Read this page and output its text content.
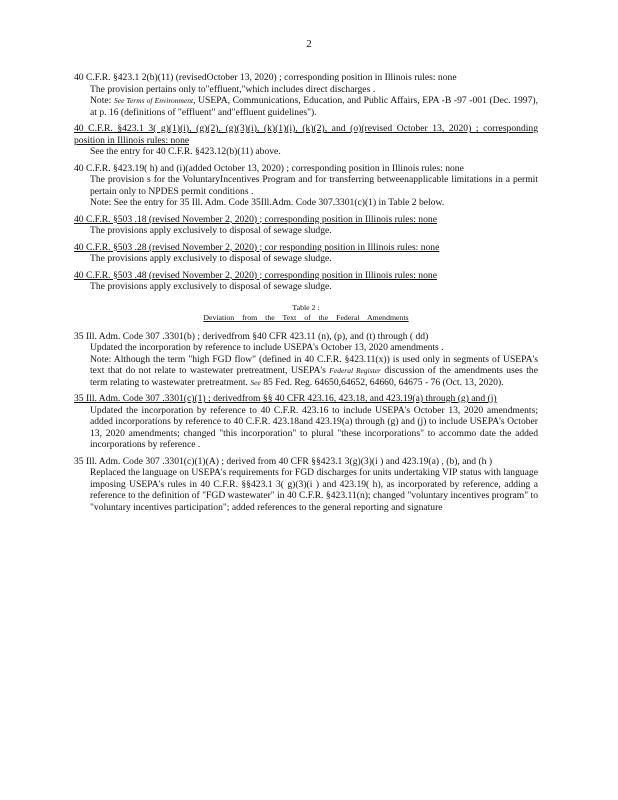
2
40 C.F.R. §423.1 2(b)(11) (revisedOctober 13, 2020) ; corresponding position in Illinois rules: none
The provision pertains only to"effluent,"which includes direct discharges .
Note: See Terms of Environment, USEPA, Communications, Education, and Public Affairs, EPA -B -97 -001 (Dec. 1997), at p. 16 (definitions of "effluent" and"effluent guidelines").
40 C.F.R. §423.1 3( g)(1)(i), (g)(2), (g)(3)(i), (k)(1)(i), (k)(2), and (o)(revised October 13, 2020) ; corresponding position in Illinois rules: none
See the entry for 40 C.F.R. §423.12(b)(11) above.
40 C.F.R. §423.19( h) and (i)(added October 13, 2020) ; corresponding position in Illinois rules: none
The provision s for the VoluntaryIncentives Program and for transferring betweenapplicable limitations in a permit pertain only to NPDES permit conditions .
Note: See the entry for 35 Ill. Adm. Code 35Ill.Adm. Code 307.3301(c)(1) in Table 2 below.
40 C.F.R. §503 .18 (revised November 2, 2020) ; corresponding position in Illinois rules: none
The provisions apply exclusively to disposal of sewage sludge.
40 C.F.R. §503 .28 (revised November 2, 2020) ; cor responding position in Illinois rules: none
The provisions apply exclusively to disposal of sewage sludge.
40 C.F.R. §503 .48 (revised November 2, 2020) ; corresponding position in Illinois rules: none
The provisions apply exclusively to disposal of sewage sludge.
Table 2 :
Deviation from the Text of the Federal Amendments
35 Ill. Adm. Code 307 .3301(b) ; derivedfrom §40 CFR 423.11 (n), (p), and (t) through ( dd)
Updated the incorporation by reference to include USEPA's October 13, 2020 amendments .
Note: Although the term "high FGD flow" (defined in 40 C.F.R. §423.11(x)) is used only in segments of USEPA's text that do not relate to wastewater pretreatment, USEPA's Federal Register discussion of the amendments uses the term relating to wastewater pretreatment. See 85 Fed. Reg. 64650,64652, 64660, 64675 - 76 (Oct. 13, 2020).
35 Ill. Adm. Code 307 .3301(c)(1) ; derivedfrom §§ 40 CFR 423.16, 423.18, and 423.19(a) through (g) and (j)
Updated the incorporation by reference to 40 C.F.R. 423.16 to include USEPA's October 13, 2020 amendments; added incorporations by reference to 40 C.F.R. 423.18and 423.19(a) through (g) and (j) to include USEPA's October 13, 2020 amendments; changed "this incorporation" to plural "these incorporations" to accommo date the added incorporations by reference .
35 Ill. Adm. Code 307 .3301(c)(1)(A) ; derived from 40 CFR §§423.1 3(g)(3)(i ) and 423.19(a) , (b), and (h )
Replaced the language on USEPA's requirements for FGD discharges for units undertaking VIP status with language imposing USEPA's rules in 40 C.F.R. §§423.1 3( g)(3)(i ) and 423.19( h), as incorporated by reference, adding a reference to the definition of "FGD wastewater" in 40 C.F.R. §423.11(n); changed "voluntary incentives program" to "voluntary incentives participation"; added references to the general reporting and signature
